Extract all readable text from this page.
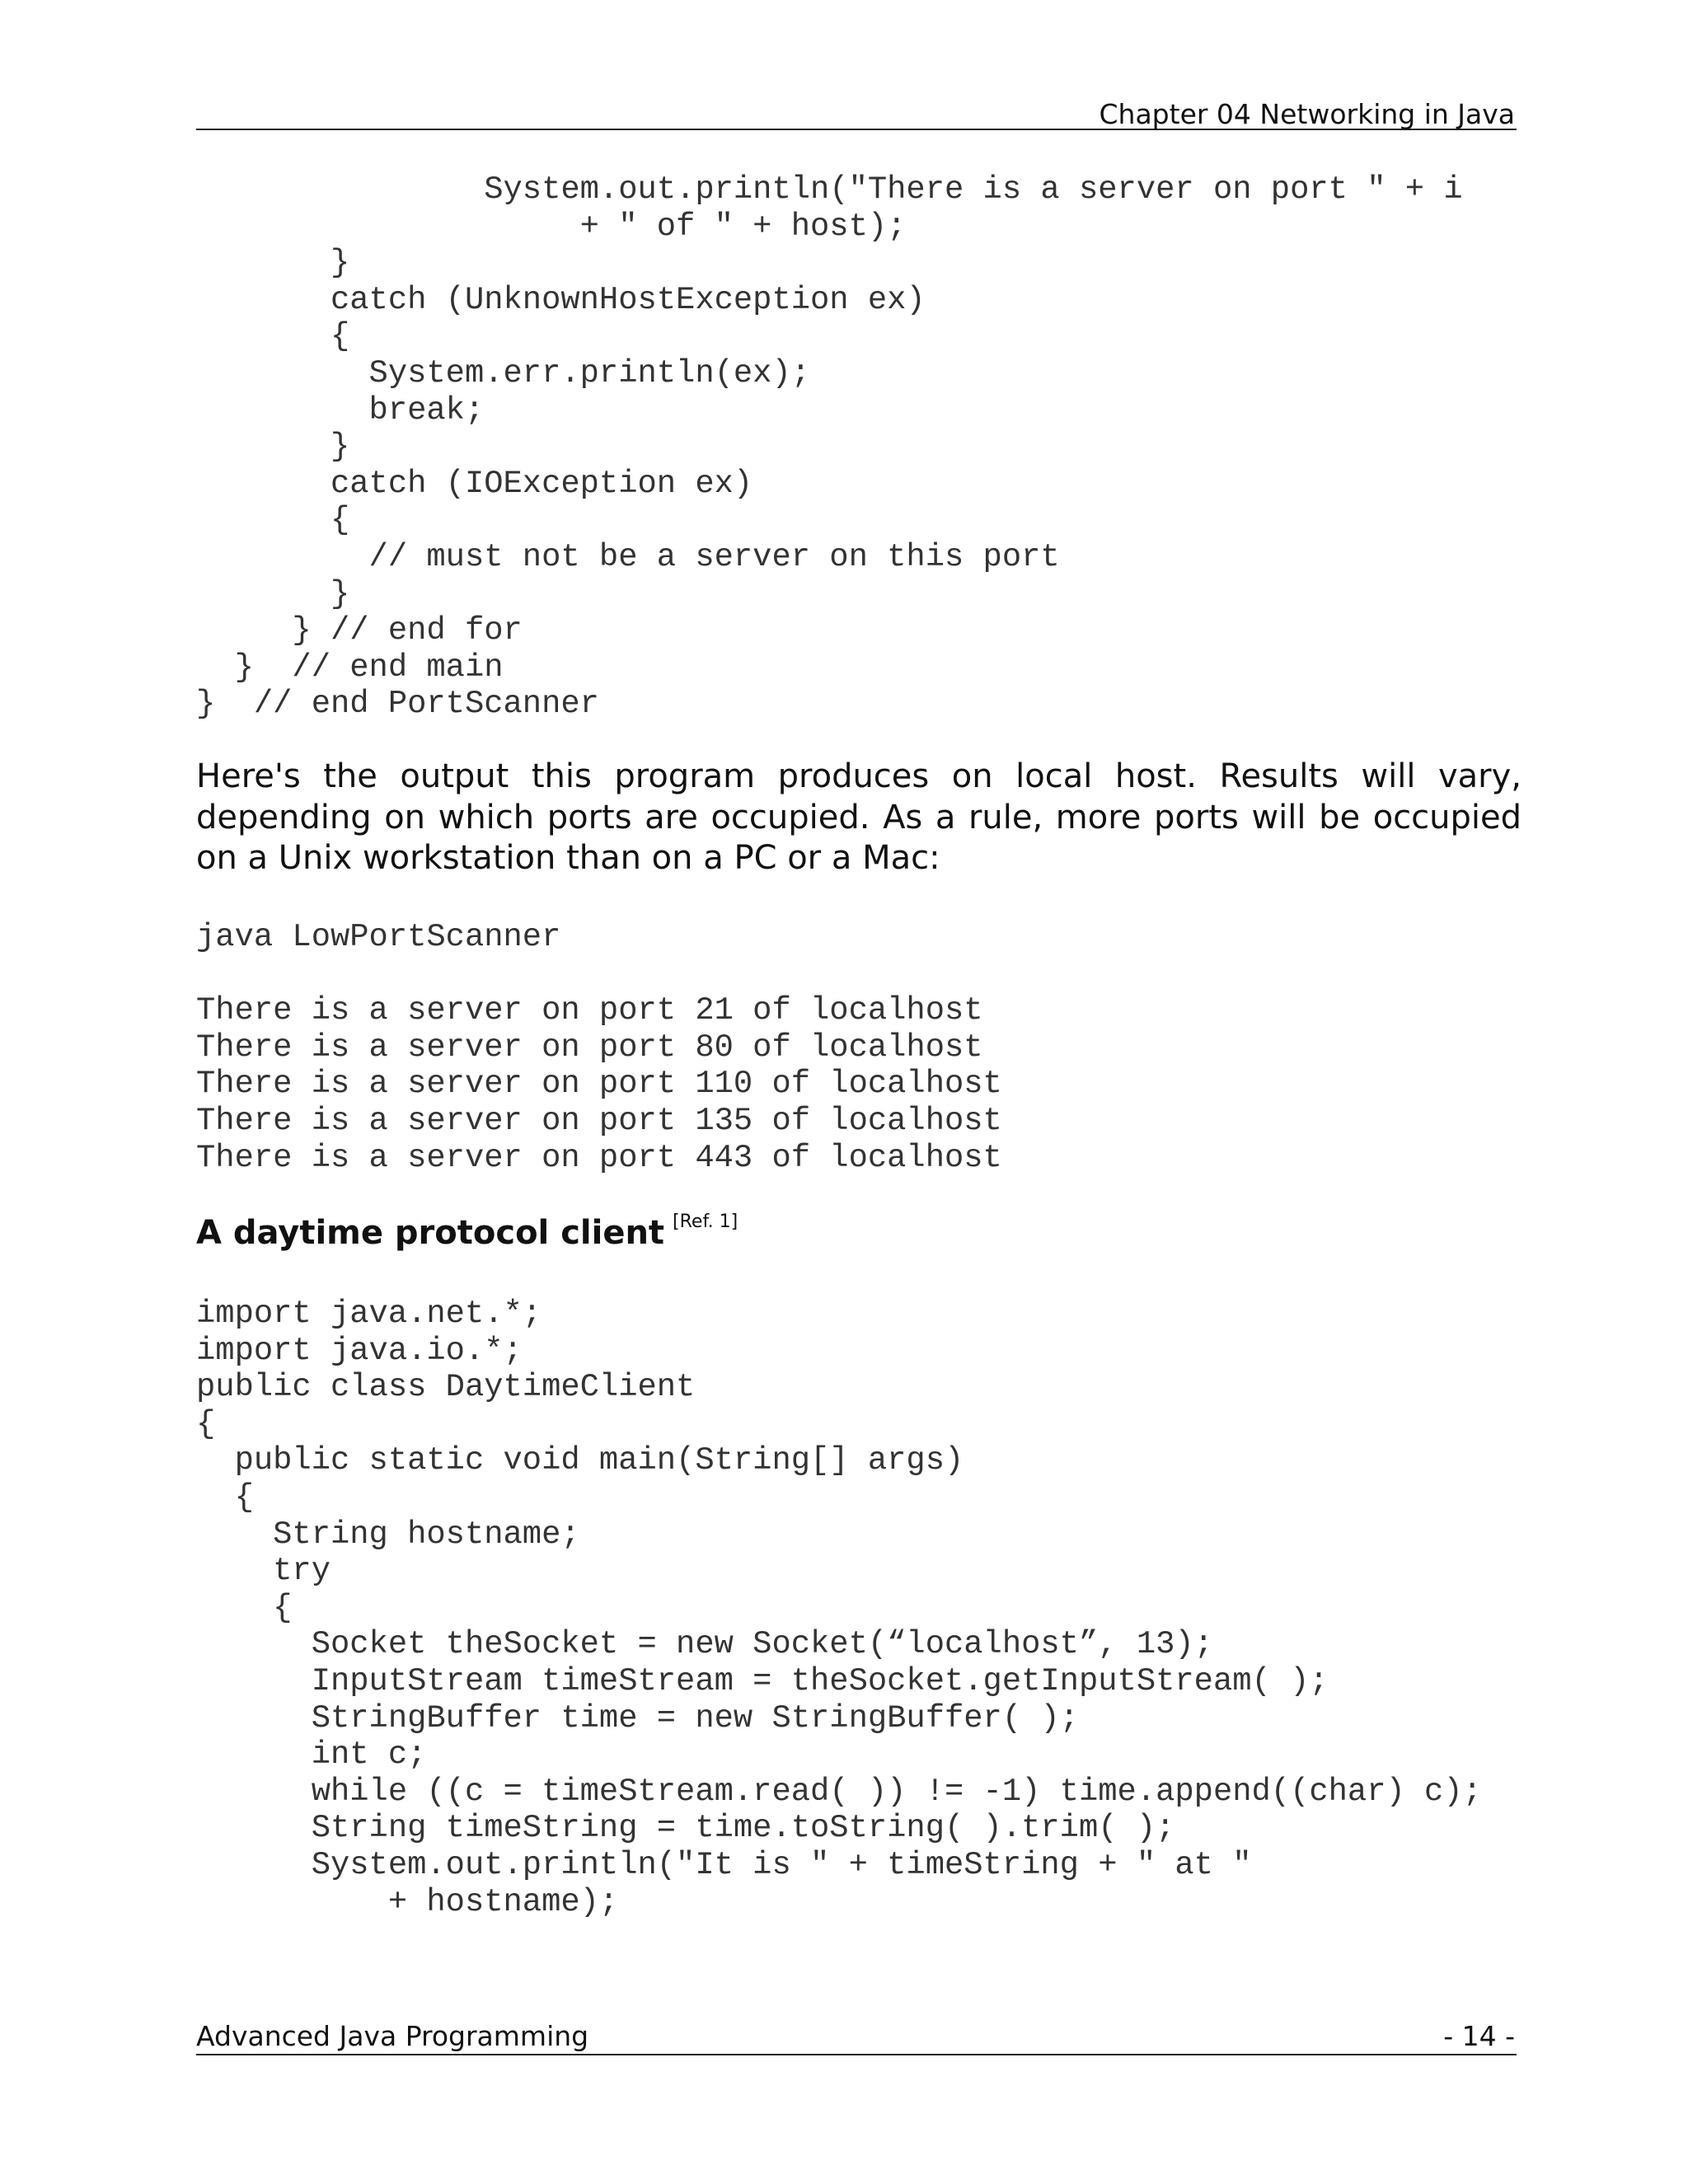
Chapter 04 Networking in Java
System.out.println("There is a server on port " + i
+ " of " + host);
}
catch (UnknownHostException ex)
{
System.err.println(ex);
break;
}
catch (IOException ex)
{
// must not be a server on this port
}
} // end for
}  // end main
}  // end PortScanner

Here's the output this program produces on local host. Results will vary, depending on which ports are occupied. As a rule, more ports will be occupied on a Unix workstation than on a PC or a Mac:

java LowPortScanner
There is a server on port 21 of localhost
There is a server on port 80 of localhost
There is a server on port 110 of localhost
There is a server on port 135 of localhost
There is a server on port 443 of localhost
A daytime protocol client [Ref. 1]
import java.net.*;
import java.io.*;
public class DaytimeClient
{
public static void main(String[] args)
{
String hostname;
try
{
Socket theSocket = new Socket(“localhost”, 13);
InputStream timeStream = theSocket.getInputStream( );
StringBuffer time = new StringBuffer( );
int c;
while ((c = timeStream.read( )) != -1) time.append((char) c);
String timeString = time.toString( ).trim( );
System.out.println("It is " + timeString + " at "
+ hostname);
Advanced Java Programming	- 14 -
